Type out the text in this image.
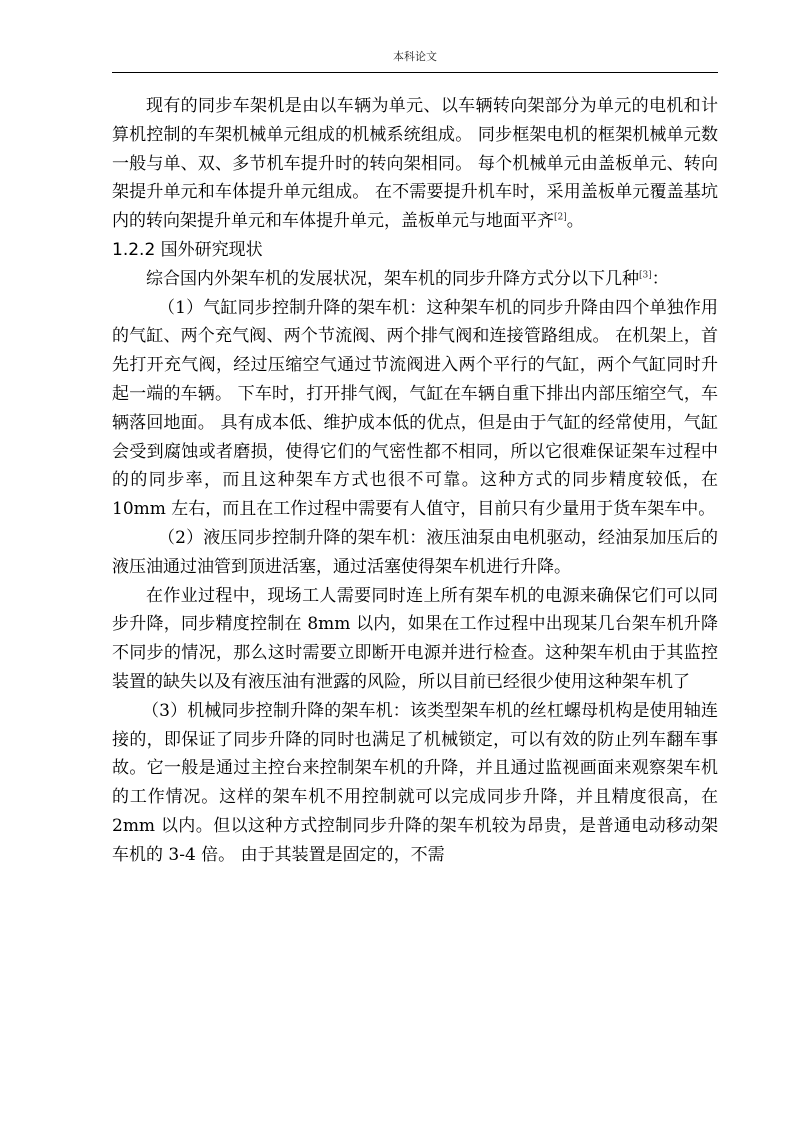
本科论文

现有的同步车架机是由以车辆为单元、以车辆转向架部分为单元的电机和计算机控制的车架机械单元组成的机械系统组成。 同步框架电机的框架机械单元数一般与单、双、多节机车提升时的转向架相同。 每个机械单元由盖板单元、转向架提升单元和车体提升单元组成。 在不需要提升机车时，采用盖板单元覆盖基坑内的转向架提升单元和车体提升单元，盖板单元与地面平齐[2]。

1.2.2 国外研究现状

综合国内外架车机的发展状况，架车机的同步升降方式分以下几种[3]：

（1）气缸同步控制升降的架车机：这种架车机的同步升降由四个单独作用的气缸、两个充气阀、两个节流阀、两个排气阀和连接管路组成。 在机架上，首先打开充气阀，经过压缩空气通过节流阀进入两个平行的气缸，两个气缸同时升起一端的车辆。 下车时，打开排气阀，气缸在车辆自重下排出内部压缩空气，车辆落回地面。 具有成本低、维护成本低的优点，但是由于气缸的经常使用，气缸会受到腐蚀或者磨损，使得它们的气密性都不相同，所以它很难保证架车过程中的的同步率，而且这种架车方式也很不可靠。这种方式的同步精度较低，在 10mm 左右，而且在工作过程中需要有人值守，目前只有少量用于货车架车中。

（2）液压同步控制升降的架车机：液压油泵由电机驱动，经油泵加压后的液压油通过油管到顶进活塞，通过活塞使得架车机进行升降。

在作业过程中，现场工人需要同时连上所有架车机的电源来确保它们可以同步升降，同步精度控制在 8mm 以内，如果在工作过程中出现某几台架车机升降不同步的情况，那么这时需要立即断开电源并进行检查。这种架车机由于其监控装置的缺失以及有液压油有泄露的风险，所以目前已经很少使用这种架车机了

（3）机械同步控制升降的架车机：该类型架车机的丝杠螺母机构是使用轴连接的，即保证了同步升降的同时也满足了机械锁定，可以有效的防止列车翻车事故。它一般是通过主控台来控制架车机的升降，并且通过监视画面来观察架车机的工作情况。这样的架车机不用控制就可以完成同步升降，并且精度很高，在 2mm 以内。但以这种方式控制同步升降的架车机较为昂贵，是普通电动移动架车机的 3-4 倍。 由于其装置是固定的，不需
